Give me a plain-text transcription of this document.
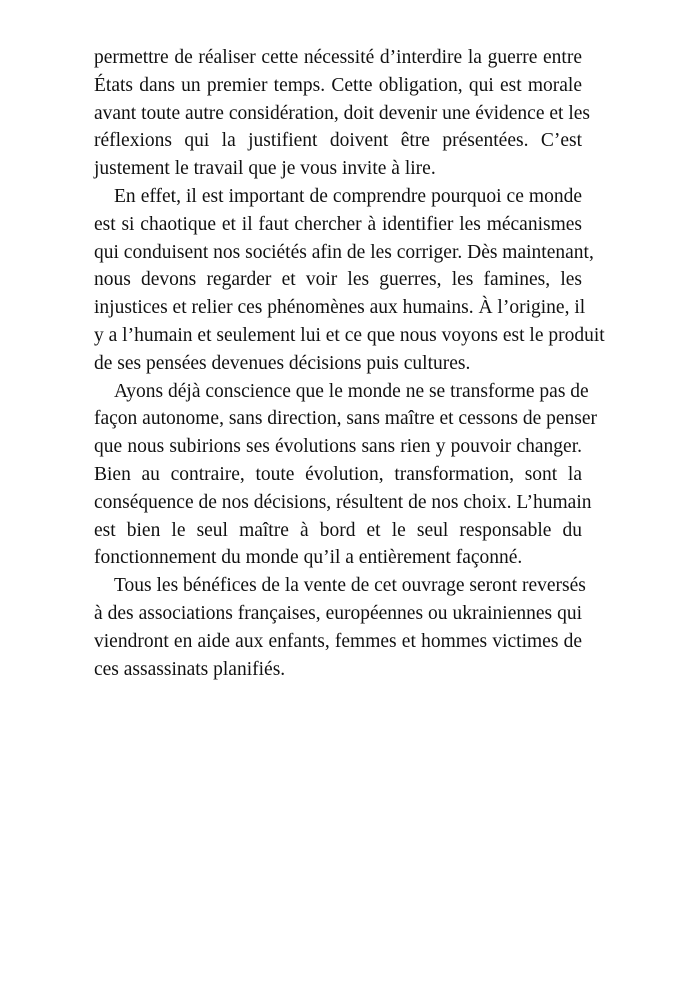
permettre de réaliser cette nécessité d’interdire la guerre entre
États dans un premier temps. Cette obligation, qui est morale
avant toute autre considération, doit devenir une évidence et les
réflexions qui la justifient doivent être présentées. C’est
justement le travail que je vous invite à lire.
En effet, il est important de comprendre pourquoi ce monde
est si chaotique et il faut chercher à identifier les mécanismes
qui conduisent nos sociétés afin de les corriger. Dès maintenant,
nous devons regarder et voir les guerres, les famines, les
injustices et relier ces phénomènes aux humains. À l’origine, il
y a l’humain et seulement lui et ce que nous voyons est le produit
de ses pensées devenues décisions puis cultures.
Ayons déjà conscience que le monde ne se transforme pas de
façon autonome, sans direction, sans maître et cessons de penser
que nous subirions ses évolutions sans rien y pouvoir changer.
Bien au contraire, toute évolution, transformation, sont la
conséquence de nos décisions, résultent de nos choix. L’humain
est bien le seul maître à bord et le seul responsable du
fonctionnement du monde qu’il a entièrement façonné.
Tous les bénéfices de la vente de cet ouvrage seront reversés
à des associations françaises, européennes ou ukrainiennes qui
viendront en aide aux enfants, femmes et hommes victimes de
ces assassinats planifiés.
